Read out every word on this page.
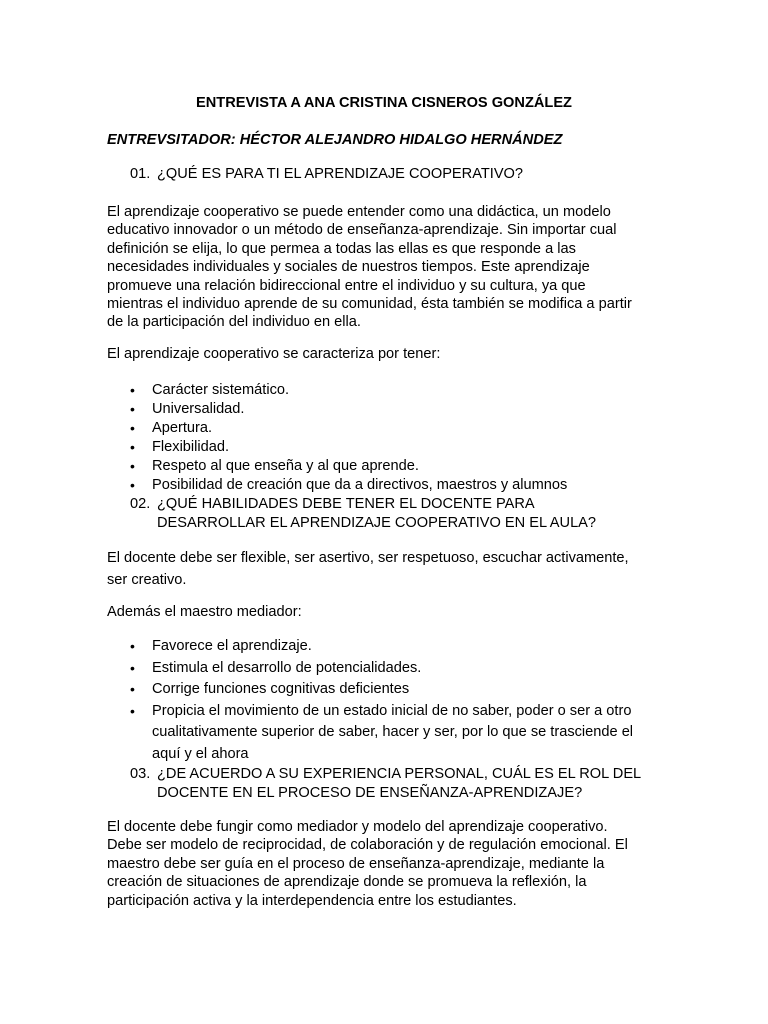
ENTREVISTA A ANA CRISTINA CISNEROS GONZÁLEZ
ENTREVSITADOR: HÉCTOR ALEJANDRO HIDALGO HERNÁNDEZ
01. ¿QUÉ ES PARA TI EL APRENDIZAJE COOPERATIVO?
El aprendizaje cooperativo se puede entender como una didáctica, un modelo
educativo innovador o un método de enseñanza-aprendizaje. Sin importar cual
definición se elija, lo que permea a todas las ellas es que responde a las
necesidades individuales y sociales de nuestros tiempos. Este aprendizaje
promueve una relación bidireccional entre el individuo y su cultura, ya que
mientras el individuo aprende de su comunidad, ésta también se modifica a partir
de la participación del individuo en ella.
El aprendizaje cooperativo se caracteriza por tener:
• Carácter sistemático.
• Universalidad.
• Apertura.
• Flexibilidad.
• Respeto al que enseña y al que aprende.
• Posibilidad de creación que da a directivos, maestros y alumnos
02. ¿QUÉ HABILIDADES DEBE TENER EL DOCENTE PARA
DESARROLLAR EL APRENDIZAJE COOPERATIVO EN EL AULA?
El docente debe ser flexible, ser asertivo, ser respetuoso, escuchar activamente,
ser creativo.
Además el maestro mediador:
• Favorece el aprendizaje.
• Estimula el desarrollo de potencialidades.
• Corrige funciones cognitivas deficientes
• Propicia el movimiento de un estado inicial de no saber, poder o ser a otro
cualitativamente superior de saber, hacer y ser, por lo que se trasciende el
aquí y el ahora
03. ¿DE ACUERDO A SU EXPERIENCIA PERSONAL, CUÁL ES EL ROL DEL
DOCENTE EN EL PROCESO DE ENSEÑANZA-APRENDIZAJE?
El docente debe fungir como mediador y modelo del aprendizaje cooperativo.
Debe ser modelo de reciprocidad, de colaboración y de regulación emocional. El
maestro debe ser guía en el proceso de enseñanza-aprendizaje, mediante la
creación de situaciones de aprendizaje donde se promueva la reflexión, la
participación activa y la interdependencia entre los estudiantes.
